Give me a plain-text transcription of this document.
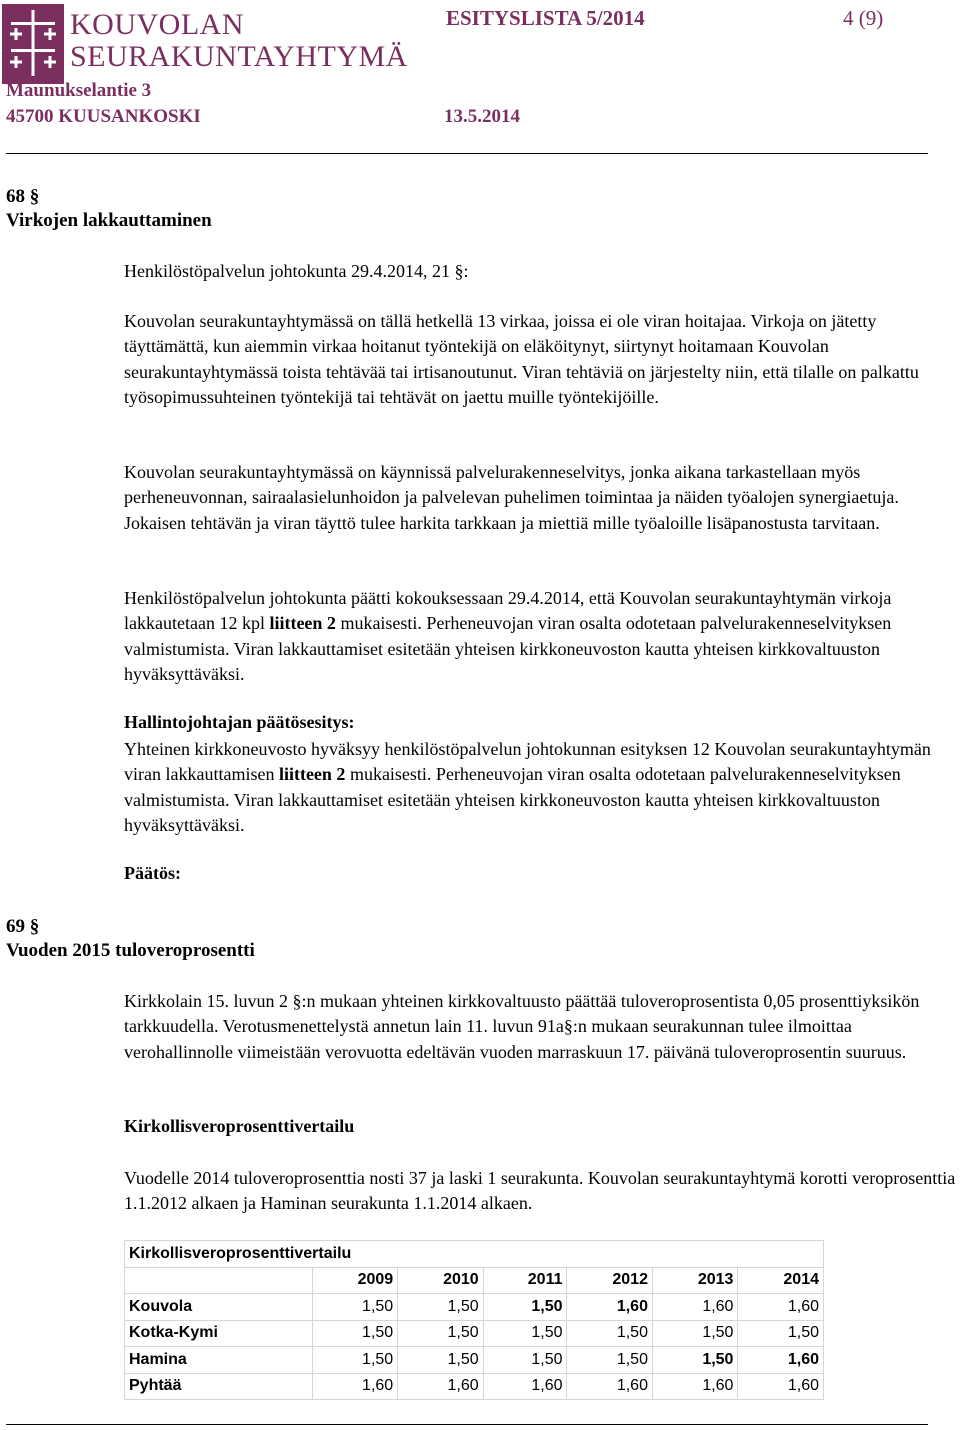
KOUVOLAN
SEURAKUNTAYHTYMÄ
ESITYSLISTA 5/2014	4 (9)
Maunukselantie 3
45700 KUUSANKOSKI	13.5.2014
68 §
Virkojen lakkauttaminen
Henkilöstöpalvelun johtokunta 29.4.2014, 21 §:
Kouvolan seurakuntayhtymässä on tällä hetkellä 13 virkaa, joissa ei ole viran hoitajaa. Virkoja on jätetty täyttämättä, kun aiemmin virkaa hoitanut työntekijä on eläköitynyt, siirtynyt hoitamaan Kouvolan seurakuntayhtymässä toista tehtävää tai irtisanoutunut. Viran tehtäviä on järjestelty niin, että tilalle on palkattu työsopimussuhteinen työntekijä tai tehtävät on jaettu muille työntekijöille.
Kouvolan seurakuntayhtymässä on käynnissä palvelurakenneselvitys, jonka aikana tarkastellaan myös perheneuvonnan, sairaalasielunhoidon ja palvelevan puhelimen toimintaa ja näiden työalojen synergiaetuja. Jokaisen tehtävän ja viran täyttö tulee harkita tarkkaan ja miettiä mille työaloille lisäpanostusta tarvitaan.
Henkilöstöpalvelun johtokunta päätti kokouksessaan 29.4.2014, että Kouvolan seurakuntayhtymän virkoja lakkautetaan 12 kpl liitteen 2 mukaisesti. Perheneuvojan viran osalta odotetaan palvelurakenneselvityksen valmistumista. Viran lakkauttamiset esitetään yhteisen kirkkoneuvoston kautta yhteisen kirkkovaltuuston hyväksyttäväksi.
Hallintojohtajan päätösesitys:
Yhteinen kirkkoneuvosto hyväksyy henkilöstöpalvelun johtokunnan esityksen 12 Kouvolan seurakuntayhtymän viran lakkauttamisen liitteen 2 mukaisesti. Perheneuvojan viran osalta odotetaan palvelurakenneselvityksen valmistumista. Viran lakkauttamiset esitetään yhteisen kirkkoneuvoston kautta yhteisen kirkkovaltuuston hyväksyttäväksi.
Päätös:
69 §
Vuoden 2015 tuloveroprosentti
Kirkkolain 15. luvun 2 §:n mukaan yhteinen kirkkovaltuusto päättää tuloveroprosentista 0,05 prosenttiyksikön tarkkuudella. Verotusmenettelystä annetun lain 11. luvun 91a§:n mukaan seurakunnan tulee ilmoittaa verohallinnolle viimeistään verovuotta edeltävän vuoden marraskuun 17. päivänä tuloveroprosentin suuruus.
Kirkollisveroprosenttivertailu
Vuodelle 2014 tuloveroprosenttia nosti 37 ja laski 1 seurakunta. Kouvolan seurakuntayhtymä korotti veroprosenttia 1.1.2012 alkaen ja Haminan seurakunta 1.1.2014 alkaen.
Kirkollisveroprosenttivertailu						
	2009	2010	2011	2012	2013	2014
Kouvola	1,50	1,50	1,50	1,60	1,60	1,60
Kotka-Kymi	1,50	1,50	1,50	1,50	1,50	1,50
Hamina	1,50	1,50	1,50	1,50	1,50	1,60
Pyhtää	1,60	1,60	1,60	1,60	1,60	1,60
